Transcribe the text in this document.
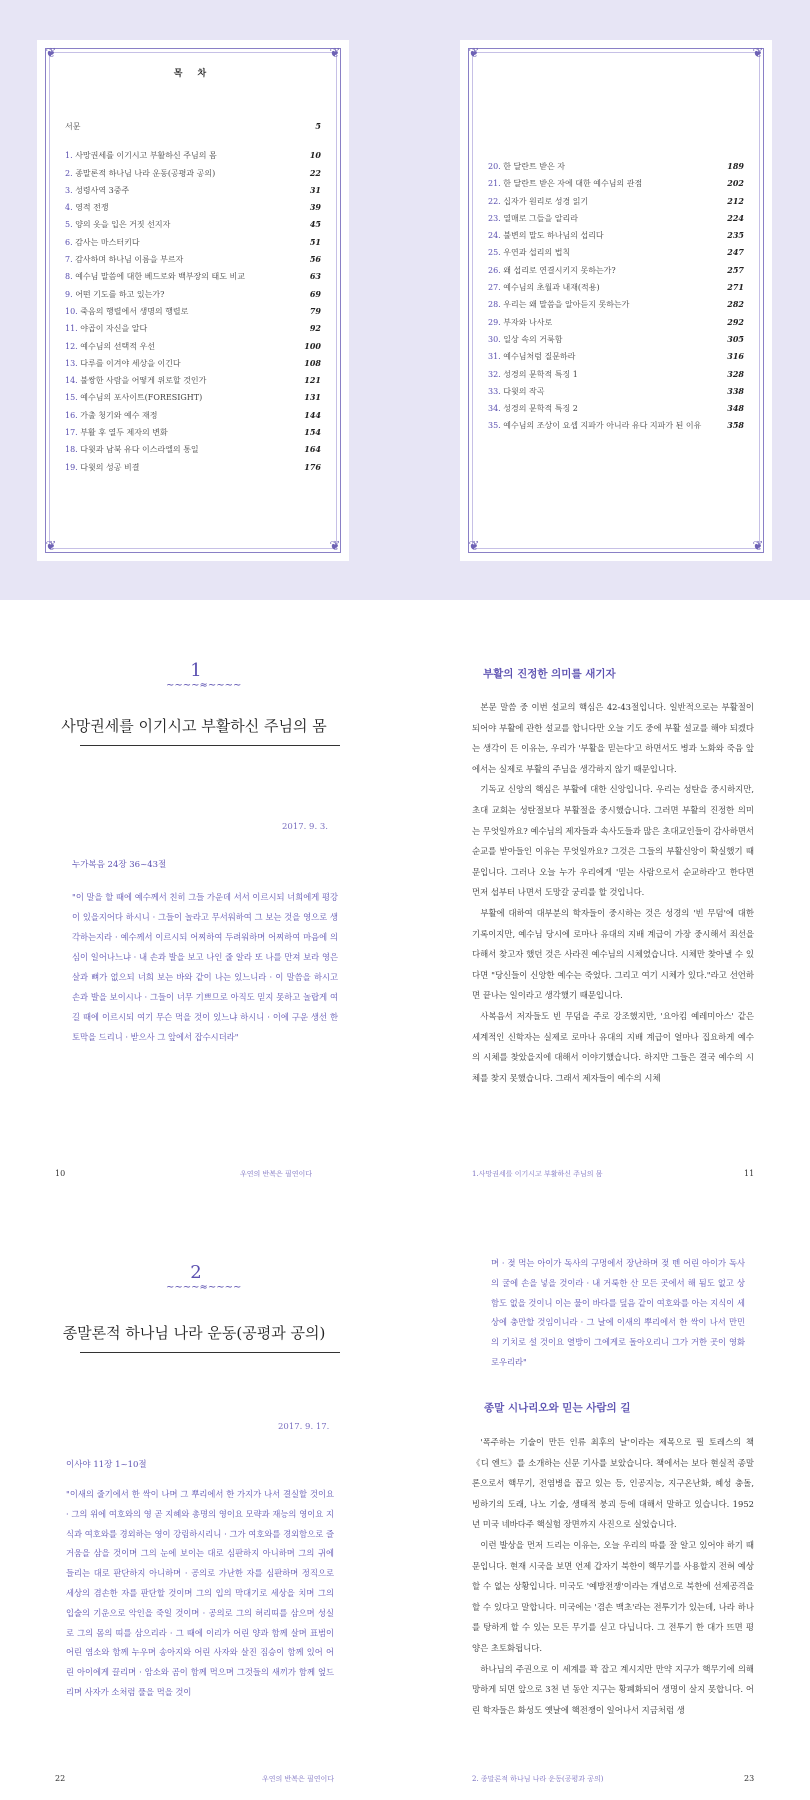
❦	❦
❦	❦
목 차
서문	5
1. 사망권세를 이기시고 부활하신 주님의 몸	10
2. 종말론적 하나님 나라 운동(공평과 공의)	22
3. 성령사역 3중주	31
4. 영적 전쟁	39
5. 양의 옷을 입은 거짓 선지자	45
6. 감사는 마스터키다	51
7. 감사하며 하나님 이름을 부르자	56
8. 예수님 말씀에 대한 베드로와 백부장의 태도 비교	63
9. 어떤 기도를 하고 있는가?	69
10. 죽음의 행렬에서 생명의 행렬로	79
11. 야곱이 자신을 알다	92
12. 예수님의 선택적 우선	100
13. 다루를 이겨야 세상을 이긴다	108
14. 불쌍한 사람을 어떻게 위로할 것인가	121
15. 예수님의 포사이트(FORESIGHT)	131
16. 가출 청기와 예수 재정	144
17. 부활 후 열두 제자의 변화	154
18. 다윗과 남북 유다 이스라엘의 통일	164
19. 다윗의 성공 비결	176
❦	❦
❦	❦
20. 한 달란트 받은 자	189
21. 한 달란트 받은 자에 대한 예수님의 관점	202
22. 십자가 원리로 성경 읽기	212
23. 열매로 그들을 알리라	224
24. 불변의 말도 하나님의 섭리다	235
25. 우연과 섭리의 법칙	247
26. 왜 섭리로 연결시키지 못하는가?	257
27. 예수님의 초월과 내재(적용)	271
28. 우리는 왜 말씀을 알아듣지 못하는가	282
29. 부자와 나사로	292
30. 일상 속의 거룩함	305
31. 예수님처럼 질문하라	316
32. 성경의 문학적 특징 1	328
33. 다윗의 작곡	338
34. 성경의 문학적 특징 2	348
35. 예수님의 조상이 요셉 지파가 아니라 유다 지파가 된 이유	358
1
∼∼∼∼≈∼∼∼∼
사망권세를 이기시고 부활하신 주님의 몸
2017. 9. 3.
누가복음 24장 36~43절
"이 말을 할 때에 예수께서 친히 그들 가운데 서서 이르시되 너희에게 평강이 있을지어다 하시니 · 그들이 놀라고 무서워하여 그 보는 것을 영으로 생각하는지라 · 예수께서 이르시되 어찌하여 두려워하며 어찌하여 마음에 의심이 일어나느냐 · 내 손과 발을 보고 나인 줄 알라 또 나를 만져 보라 영은 살과 뼈가 없으되 너희 보는 바와 같이 나는 있느니라 · 이 말씀을 하시고 손과 발을 보이시나 · 그들이 너무 기쁘므로 아직도 믿지 못하고 놀랍게 여길 때에 이르시되 여기 무슨 먹을 것이 있느냐 하시니 · 이에 구운 생선 한 토막을 드리니 · 받으사 그 앞에서 잡수시더라"
10	우연의 반복은 필연이다
부활의 진정한 의미를 새기자

본문 말씀 중 이번 설교의 핵심은 42-43절입니다. 일반적으로는 부활절이 되어야 부활에 관한 설교를 합니다만 오늘 기도 중에 부활 설교를 해야 되겠다는 생각이 든 이유는, 우리가 '부활을 믿는다'고 하면서도 병과 노화와 죽음 앞에서는 실제로 부활의 주님을 생각하지 않기 때문입니다.

기독교 신앙의 핵심은 부활에 대한 신앙입니다. 우리는 성탄을 중시하지만, 초대 교회는 성탄절보다 부활절을 중시했습니다. 그러면 부활의 진정한 의미는 무엇일까요? 예수님의 제자들과 속사도들과 많은 초대교인들이 감사하면서 순교를 받아들인 이유는 무엇일까요? 그것은 그들의 부활신앙이 확실했기 때문입니다. 그러나 오늘 누가 우리에게 '믿는 사람으로서 순교하라'고 한다면 먼저 섭부터 나면서 도망갈 궁리를 할 것입니다.

부활에 대하여 대부분의 학자들이 중시하는 것은 성경의 '빈 무덤'에 대한 기록이지만, 예수님 당시에 로마나 유대의 지배 계급이 가장 중시해서 죄선을 다해서 찾고자 했던 것은 사라진 예수님의 시체였습니다. 시체만 찾아낼 수 있다면 "당신들이 신앙한 예수는 죽었다. 그리고 여기 시체가 있다."라고 선언하면 끝나는 일이라고 생각했기 때문입니다.

사복음서 저자들도 빈 무덤을 주로 강조했지만, '요아킴 예레미아스' 같은 세계적인 신학자는 실제로 로마나 유대의 지배 계급이 얼마나 집요하게 예수의 시체를 찾았을지에 대해서 이야기했습니다. 하지만 그들은 결국 예수의 시체를 찾지 못했습니다. 그래서 제자들이 예수의 시체

1.사망권세를 이기시고 부활하신 주님의 몸	11
2
∼∼∼∼≈∼∼∼∼
종말론적 하나님 나라 운동(공평과 공의)
2017. 9. 17.
이사야 11장 1~10절
"이새의 줄기에서 한 싹이 나며 그 뿌리에서 한 가지가 나서 결실할 것이요 · 그의 위에 여호와의 영 곧 지혜와 총명의 영이요 모략과 재능의 영이요 지식과 여호와를 경외하는 영이 강림하시리니 · 그가 여호와를 경외함으로 즐거움을 삼을 것이며 그의 눈에 보이는 대로 심판하지 아니하며 그의 귀에 들리는 대로 판단하지 아니하며 · 공의로 가난한 자를 심판하며 정직으로 세상의 겸손한 자를 판단할 것이며 그의 입의 막대기로 세상을 치며 그의 입술의 기운으로 악인을 죽일 것이며 · 공의로 그의 허리띠를 삼으며 성실로 그의 몸의 띠를 삼으리라 · 그 때에 이리가 어린 양과 함께 살며 표범이 어린 염소와 함께 누우며 송아지와 어린 사자와 살진 짐승이 함께 있어 어린 아이에게 끌리며 · 암소와 곰이 함께 먹으며 그것들의 새끼가 함께 엎드리며 사자가 소처럼 풀을 먹을 것이
22	우연의 반복은 필연이다
며 · 젖 먹는 아이가 독사의 구멍에서 장난하며 젖 뗀 어린 아이가 독사의 굴에 손을 넣을 것이라 · 내 거룩한 산 모든 곳에서 해 됨도 없고 상함도 없을 것이니 이는 물이 바다를 덮음 같이 여호와를 아는 지식이 세상에 충만할 것임이니라 · 그 날에 이새의 뿌리에서 한 싹이 나서 만민의 기치로 설 것이요 열방이 그에게로 돌아오리니 그가 거한 곳이 영화로우리라"
종말 시나리오와 믿는 사람의 길

'폭주하는 기술이 만든 인류 최후의 날'이라는 제목으로 필 토레스의 책 《디 엔드》를 소개하는 신문 기사를 보았습니다. 책에서는 보다 현실적 종말론으로서 핵무기, 전염병을 꼽고 있는 등, 인공지능, 지구온난화, 혜성 충돌, 빙하기의 도래, 나노 기술, 생태적 붕괴 등에 대해서 말하고 있습니다. 1952년 미국 네바다주 핵실험 장면까지 사진으로 실었습니다.

이런 발상을 먼저 드리는 이유는, 오늘 우리의 따를 잘 알고 있어야 하기 때문입니다. 현재 시국을 보면 언제 갑자기 북한이 핵무기를 사용할지 전혀 예상할 수 없는 상황입니다. 미국도 '예방전쟁'이라는 개념으로 북한에 선제공격을 할 수 있다고 말합니다. 미국에는 '겸손 맥초'라는 전투기가 있는데, 나라 하나를 탕하게 할 수 있는 모든 무기를 싣고 다닙니다. 그 전투기 한 대가 뜨면 평양은 초토화됩니다.

하나님의 주권으로 이 세계를 꽉 잡고 계시지만 만약 지구가 핵무기에 의해 망하게 되면 앞으로 3천 년 동안 지구는 황폐화되어 생명이 살지 못합니다. 어린 학자들은 화성도 옛날에 핵전쟁이 일어나서 지금처럼 생

2. 종말론적 하나님 나라 운동(공평과 공의)	23
